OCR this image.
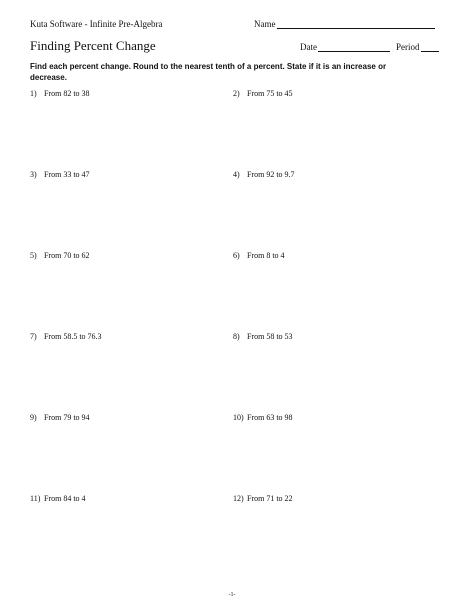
Kuta Software - Infinite Pre-Algebra	Name
Finding Percent Change	Date	Period
Find each percent change. Round to the nearest tenth of a percent. State if it is an increase or decrease.
1) From 82 to 38	2) From 75 to 45
3) From 33 to 47	4) From 92 to 9.7
5) From 70 to 62	6) From 8 to 4
7) From 58.5 to 76.3	8) From 58 to 53
9) From 79 to 94	10) From 63 to 98
11) From 84 to 4	12) From 71 to 22
-1-
